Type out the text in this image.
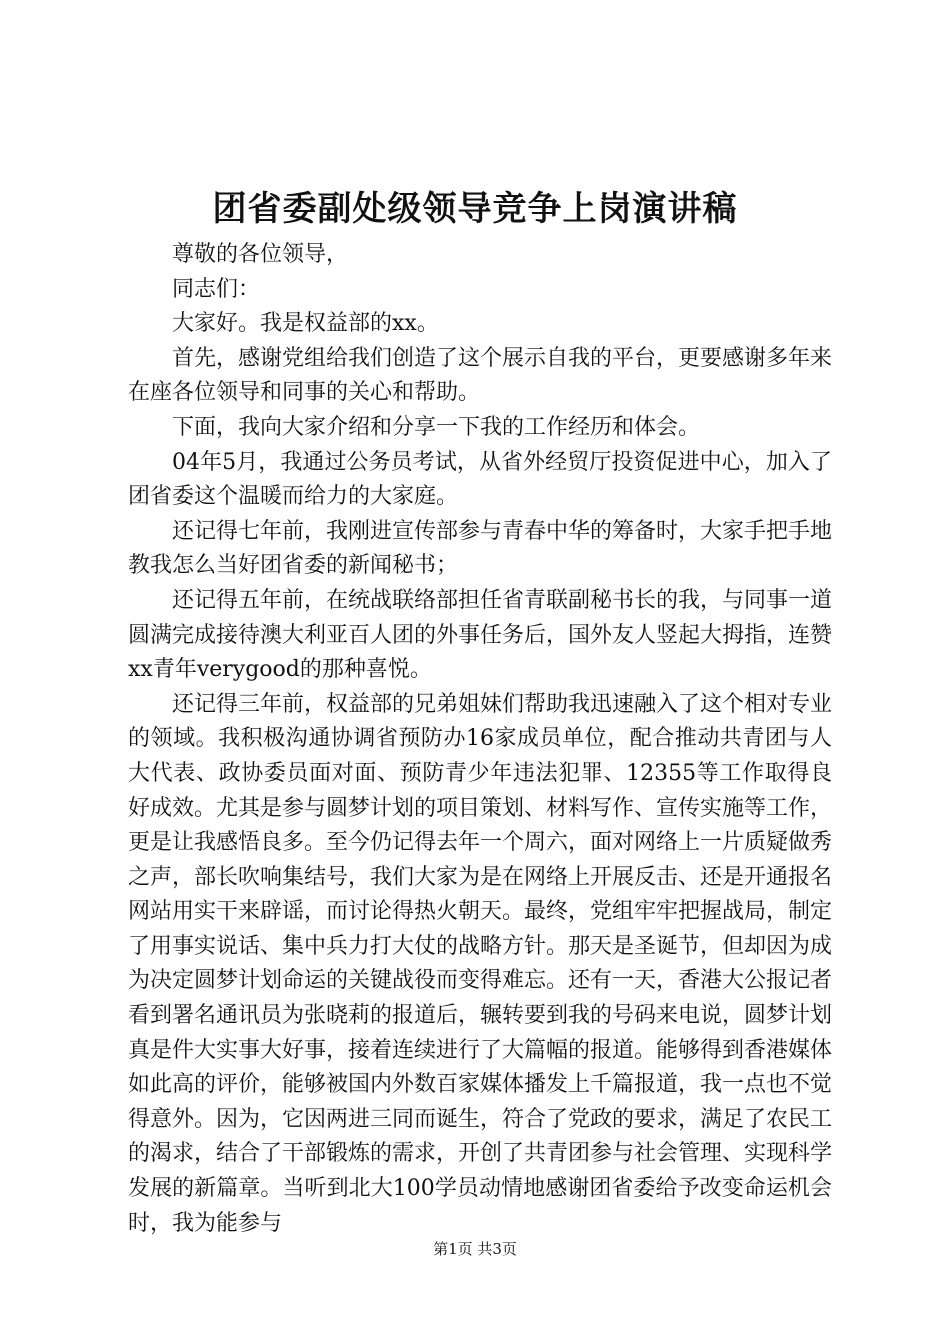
团省委副处级领导竞争上岗演讲稿

尊敬的各位领导，

同志们：

大家好。我是权益部的xx。

首先，感谢党组给我们创造了这个展示自我的平台，更要感谢多年来在座各位领导和同事的关心和帮助。

下面，我向大家介绍和分享一下我的工作经历和体会。

04年5月，我通过公务员考试，从省外经贸厅投资促进中心，加入了团省委这个温暖而给力的大家庭。

还记得七年前，我刚进宣传部参与青春中华的筹备时，大家手把手地教我怎么当好团省委的新闻秘书；

还记得五年前，在统战联络部担任省青联副秘书长的我，与同事一道圆满完成接待澳大利亚百人团的外事任务后，国外友人竖起大拇指，连赞xx青年verygood的那种喜悦。

还记得三年前，权益部的兄弟姐妹们帮助我迅速融入了这个相对专业的领域。我积极沟通协调省预防办16家成员单位，配合推动共青团与人大代表、政协委员面对面、预防青少年违法犯罪、12355等工作取得良好成效。尤其是参与圆梦计划的项目策划、材料写作、宣传实施等工作，更是让我感悟良多。至今仍记得去年一个周六，面对网络上一片质疑做秀之声，部长吹响集结号，我们大家为是在网络上开展反击、还是开通报名网站用实干来辟谣，而讨论得热火朝天。最终，党组牢牢把握战局，制定了用事实说话、集中兵力打大仗的战略方针。那天是圣诞节，但却因为成为决定圆梦计划命运的关键战役而变得难忘。还有一天，香港大公报记者看到署名通讯员为张晓莉的报道后，辗转要到我的号码来电说，圆梦计划真是件大实事大好事，接着连续进行了大篇幅的报道。能够得到香港媒体如此高的评价，能够被国内外数百家媒体播发上千篇报道，我一点也不觉得意外。因为，它因两进三同而诞生，符合了党政的要求，满足了农民工的渴求，结合了干部锻炼的需求，开创了共青团参与社会管理、实现科学发展的新篇章。当听到北大100学员动情地感谢团省委给予改变命运机会时，我为能参与

第1页 共3页
